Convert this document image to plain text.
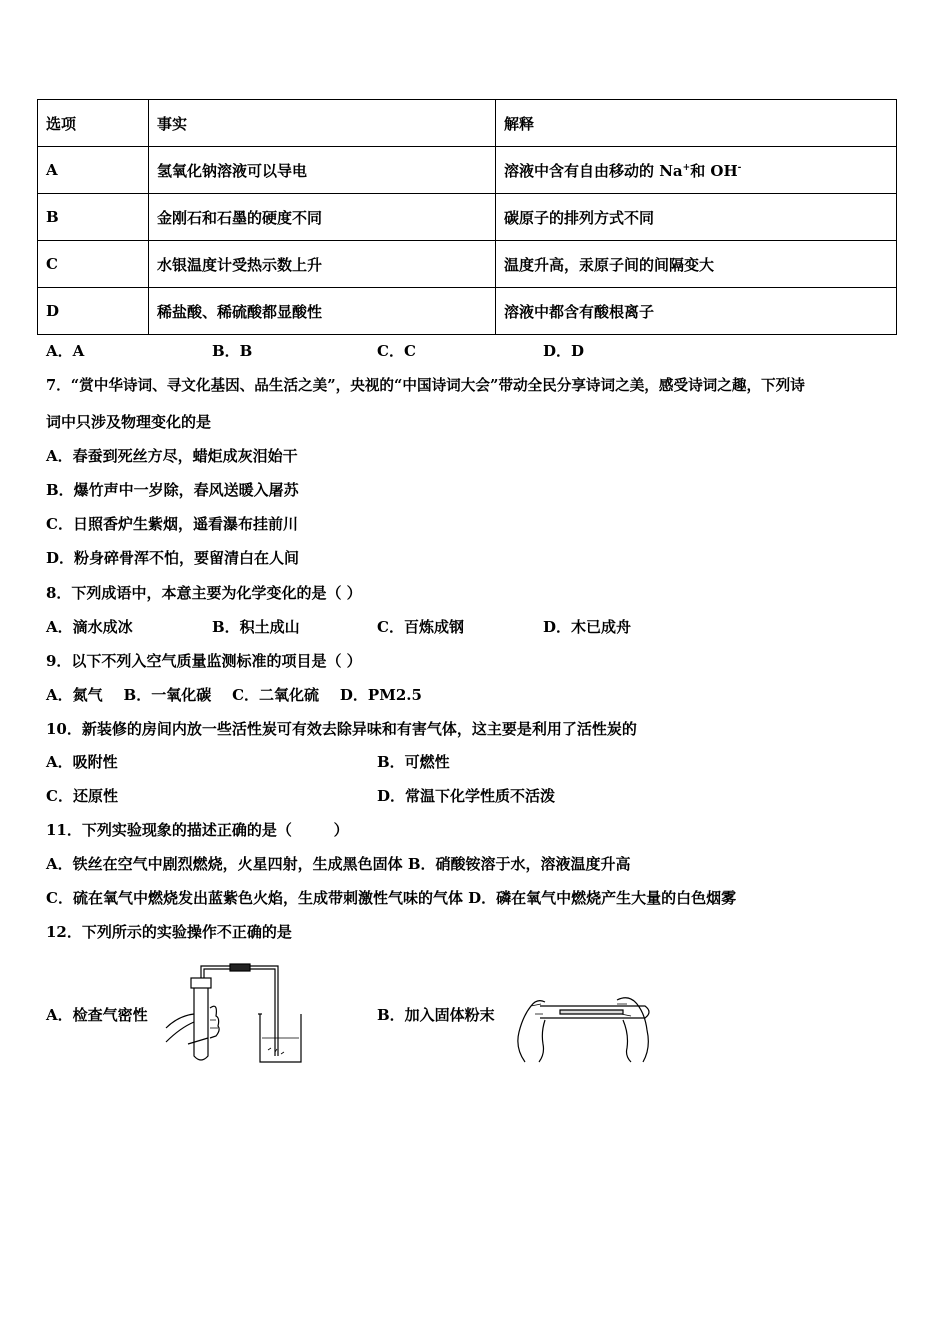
选项	事实	解释
A	氢氧化钠溶液可以导电	溶液中含有自由移动的 Na+和 OH-
B	金刚石和石墨的硬度不同	碳原子的排列方式不同
C	水银温度计受热示数上升	温度升高，汞原子间的间隔变大
D	稀盐酸、稀硫酸都显酸性	溶液中都含有酸根离子
A．A	B．B	C．C	D．D
7．“赏中华诗词、寻文化基因、品生活之美”，央视的“中国诗词大会”带动全民分享诗词之美，感受诗词之趣，下列诗
词中只涉及物理变化的是
A．春蚕到死丝方尽，蜡炬成灰泪始干
B．爆竹声中一岁除，春风送暖入屠苏
C．日照香炉生紫烟，遥看瀑布挂前川
D．粉身碎骨浑不怕，要留清白在人间
8．下列成语中，本意主要为化学变化的是（ ）
A．滴水成冰	B．积土成山	C．百炼成钢	D．木已成舟
9．以下不列入空气质量监测标准的项目是（ ）
A．氮气    B．一氧化碳    C．二氧化硫    D．PM2.5
10．新装修的房间内放一些活性炭可有效去除异味和有害气体，这主要是利用了活性炭的
A．吸附性	B．可燃性
C．还原性	D．常温下化学性质不活泼
11．下列实验现象的描述正确的是（        ）
A．铁丝在空气中剧烈燃烧，火星四射，生成黑色固体 B．硝酸铵溶于水，溶液温度升高
C．硫在氧气中燃烧发出蓝紫色火焰，生成带刺激性气味的气体 D．磷在氧气中燃烧产生大量的白色烟雾
12．下列所示的实验操作不正确的是
A．检查气密性	B．加入固体粉末
